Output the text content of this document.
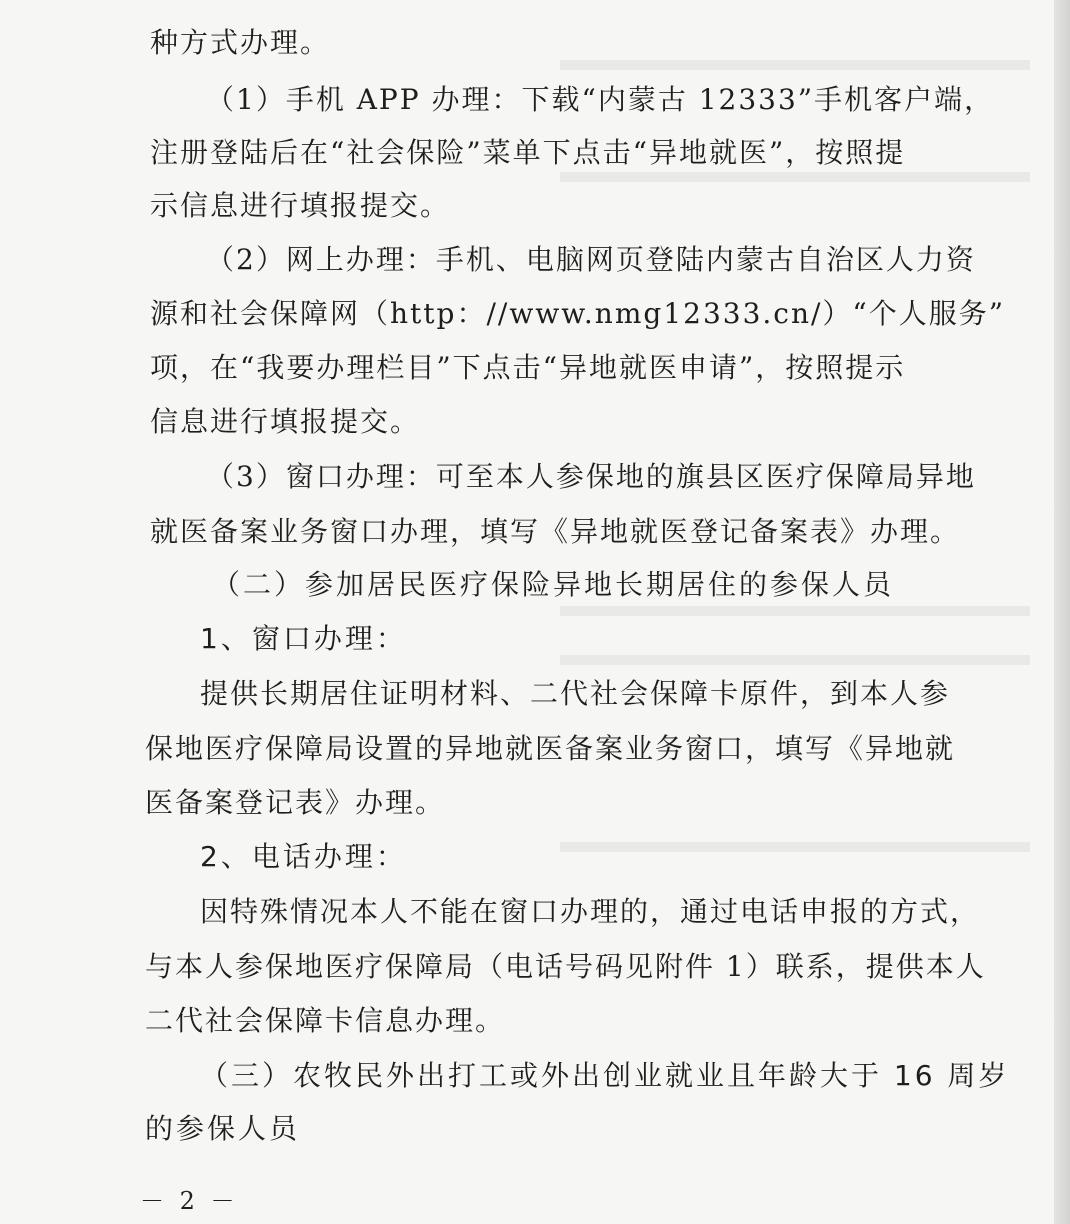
种方式办理。

（1）手机 APP 办理：下载“内蒙古 12333”手机客户端，

注册登陆后在“社会保险”菜单下点击“异地就医”，按照提

示信息进行填报提交。

（2）网上办理：手机、电脑网页登陆内蒙古自治区人力资

源和社会保障网（http：//www.nmg12333.cn/）“个人服务”

项，在“我要办理栏目”下点击“异地就医申请”，按照提示

信息进行填报提交。

（3）窗口办理：可至本人参保地的旗县区医疗保障局异地

就医备案业务窗口办理，填写《异地就医登记备案表》办理。

（二）参加居民医疗保险异地长期居住的参保人员

1、窗口办理：

提供长期居住证明材料、二代社会保障卡原件，到本人参

保地医疗保障局设置的异地就医备案业务窗口，填写《异地就

医备案登记表》办理。

2、电话办理：

因特殊情况本人不能在窗口办理的，通过电话申报的方式，

与本人参保地医疗保障局（电话号码见附件 1）联系，提供本人

二代社会保障卡信息办理。

（三）农牧民外出打工或外出创业就业且年龄大于 16 周岁

的参保人员

－ 2 －
